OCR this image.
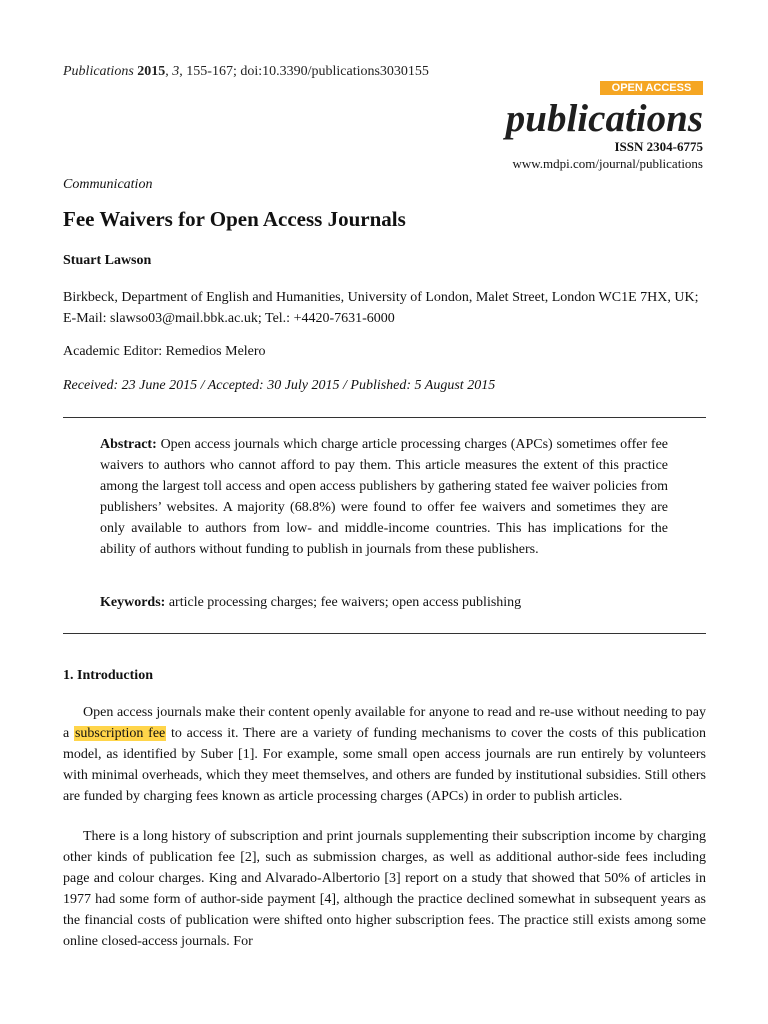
Publications 2015, 3, 155-167; doi:10.3390/publications3030155
OPEN ACCESS
publications
ISSN 2304-6775
www.mdpi.com/journal/publications
Communication
Fee Waivers for Open Access Journals
Stuart Lawson
Birkbeck, Department of English and Humanities, University of London, Malet Street, London WC1E 7HX, UK; E-Mail: slawso03@mail.bbk.ac.uk; Tel.: +4420-7631-6000
Academic Editor: Remedios Melero
Received: 23 June 2015 / Accepted: 30 July 2015 / Published: 5 August 2015
Abstract: Open access journals which charge article processing charges (APCs) sometimes offer fee waivers to authors who cannot afford to pay them. This article measures the extent of this practice among the largest toll access and open access publishers by gathering stated fee waiver policies from publishers’ websites. A majority (68.8%) were found to offer fee waivers and sometimes they are only available to authors from low- and middle-income countries. This has implications for the ability of authors without funding to publish in journals from these publishers.
Keywords: article processing charges; fee waivers; open access publishing
1. Introduction
Open access journals make their content openly available for anyone to read and re-use without needing to pay a subscription fee to access it. There are a variety of funding mechanisms to cover the costs of this publication model, as identified by Suber [1]. For example, some small open access journals are run entirely by volunteers with minimal overheads, which they meet themselves, and others are funded by institutional subsidies. Still others are funded by charging fees known as article processing charges (APCs) in order to publish articles.
There is a long history of subscription and print journals supplementing their subscription income by charging other kinds of publication fee [2], such as submission charges, as well as additional author-side fees including page and colour charges. King and Alvarado-Albertorio [3] report on a study that showed that 50% of articles in 1977 had some form of author-side payment [4], although the practice declined somewhat in subsequent years as the financial costs of publication were shifted onto higher subscription fees. The practice still exists among some online closed-access journals. For
